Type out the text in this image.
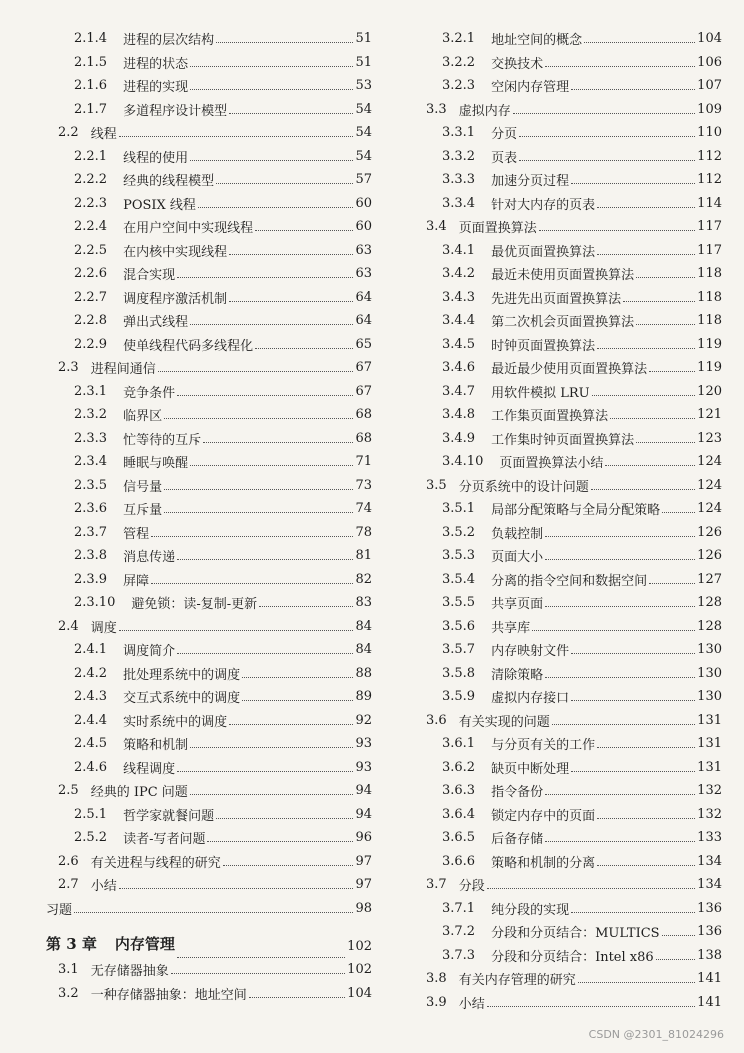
2.1.4 进程的层次结构	51
2.1.5 进程的状态	51
2.1.6 进程的实现	53
2.1.7 多道程序设计模型	54
2.2 线程	54
2.2.1 线程的使用	54
2.2.2 经典的线程模型	57
2.2.3 POSIX 线程	60
2.2.4 在用户空间中实现线程	60
2.2.5 在内核中实现线程	63
2.2.6 混合实现	63
2.2.7 调度程序激活机制	64
2.2.8 弹出式线程	64
2.2.9 使单线程代码多线程化	65
2.3 进程间通信	67
2.3.1 竞争条件	67
2.3.2 临界区	68
2.3.3 忙等待的互斥	68
2.3.4 睡眠与唤醒	71
2.3.5 信号量	73
2.3.6 互斥量	74
2.3.7 管程	78
2.3.8 消息传递	81
2.3.9 屏障	82
2.3.10 避免锁：读-复制-更新	83
2.4 调度	84
2.4.1 调度简介	84
2.4.2 批处理系统中的调度	88
2.4.3 交互式系统中的调度	89
2.4.4 实时系统中的调度	92
2.4.5 策略和机制	93
2.4.6 线程调度	93
2.5 经典的 IPC 问题	94
2.5.1 哲学家就餐问题	94
2.5.2 读者-写者问题	96
2.6 有关进程与线程的研究	97
2.7 小结	97
习题	98
第 3 章 内存管理	102
3.1 无存储器抽象	102
3.2 一种存储器抽象：地址空间	104
3.2.1 地址空间的概念	104
3.2.2 交换技术	106
3.2.3 空闲内存管理	107
3.3 虚拟内存	109
3.3.1 分页	110
3.3.2 页表	112
3.3.3 加速分页过程	112
3.3.4 针对大内存的页表	114
3.4 页面置换算法	117
3.4.1 最优页面置换算法	117
3.4.2 最近未使用页面置换算法	118
3.4.3 先进先出页面置换算法	118
3.4.4 第二次机会页面置换算法	118
3.4.5 时钟页面置换算法	119
3.4.6 最近最少使用页面置换算法	119
3.4.7 用软件模拟 LRU	120
3.4.8 工作集页面置换算法	121
3.4.9 工作集时钟页面置换算法	123
3.4.10 页面置换算法小结	124
3.5 分页系统中的设计问题	124
3.5.1 局部分配策略与全局分配策略	124
3.5.2 负载控制	126
3.5.3 页面大小	126
3.5.4 分离的指令空间和数据空间	127
3.5.5 共享页面	128
3.5.6 共享库	128
3.5.7 内存映射文件	130
3.5.8 清除策略	130
3.5.9 虚拟内存接口	130
3.6 有关实现的问题	131
3.6.1 与分页有关的工作	131
3.6.2 缺页中断处理	131
3.6.3 指令备份	132
3.6.4 锁定内存中的页面	132
3.6.5 后备存储	133
3.6.6 策略和机制的分离	134
3.7 分段	134
3.7.1 纯分段的实现	136
3.7.2 分段和分页结合：MULTICS	136
3.7.3 分段和分页结合：Intel x86	138
3.8 有关内存管理的研究	141
3.9 小结	141
CSDN @2301_81024296
